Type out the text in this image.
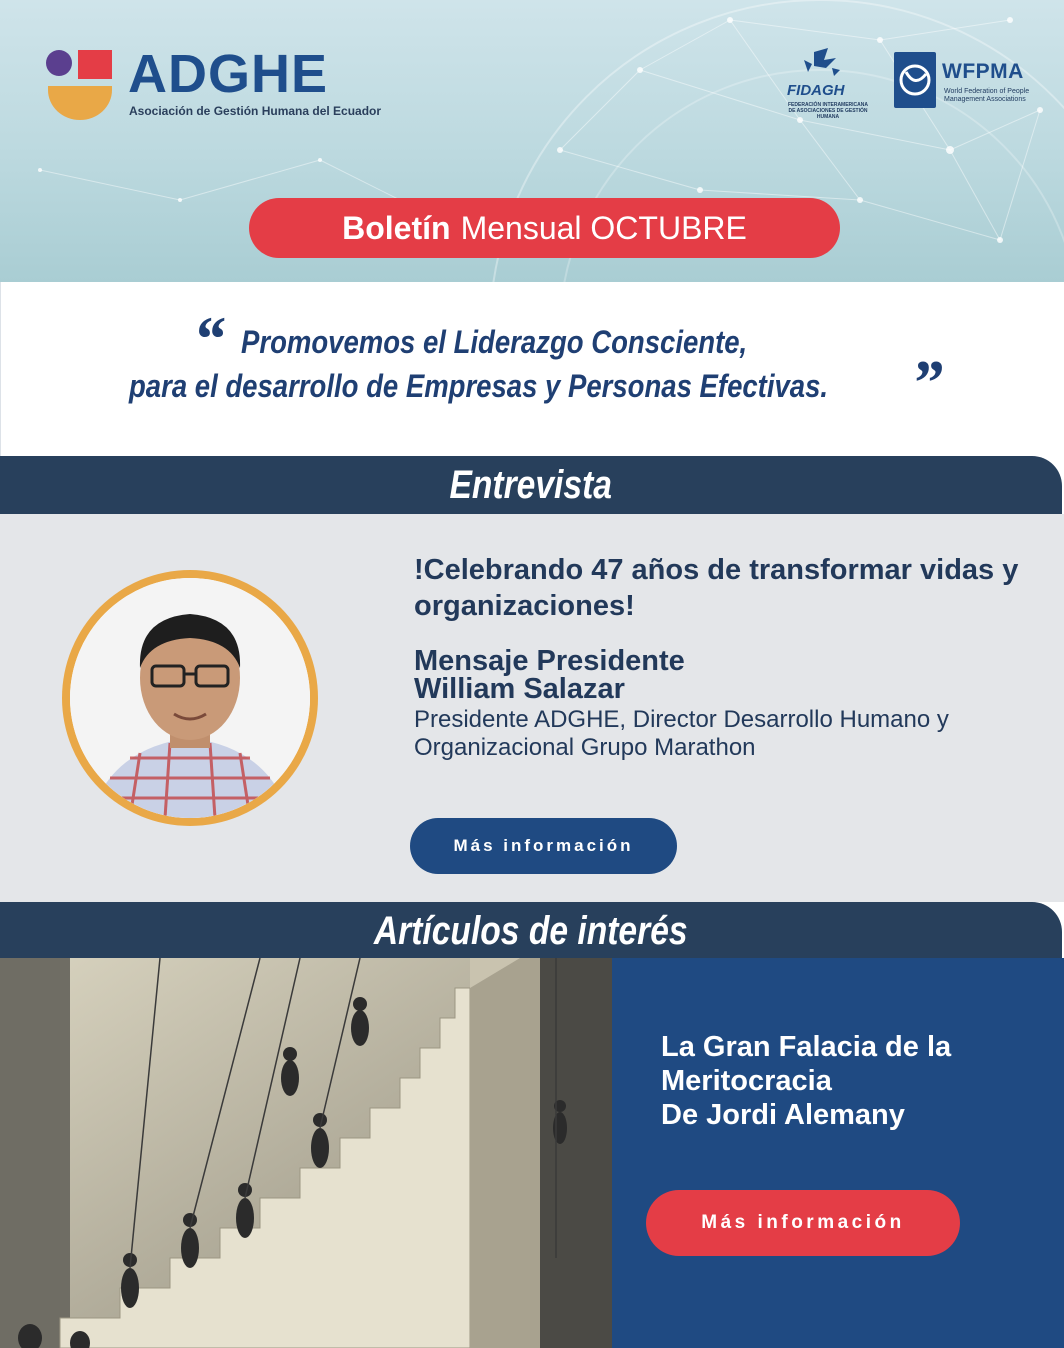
ADGHE
Asociación de Gestión Humana del Ecuador
FIDAGH
FEDERACIÓN INTERAMERICANA DE ASOCIACIONES DE GESTIÓN HUMANA
WFPMA
World Federation of People Management Associations
Boletín Mensual OCTUBRE
“ Promovemos el Liderazgo Consciente,
para el desarrollo de Empresas y Personas Efectivas. ”
Entrevista
!Celebrando 47 años de transformar vidas y organizaciones!
Mensaje Presidente
William Salazar
Presidente ADGHE, Director Desarrollo Humano y Organizacional Grupo Marathon
Más información
Artículos de interés
La Gran Falacia de la
Meritocracia
De Jordi Alemany
Más información
